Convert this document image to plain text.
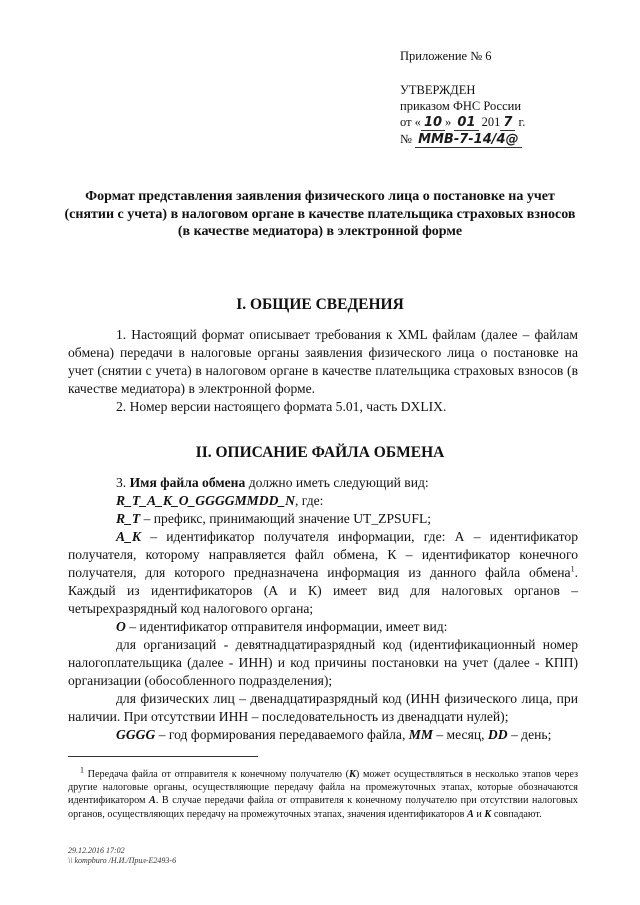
Приложение № 6
УТВЕРЖДЕН
приказом ФНС России
от « 10 » 01 201 7 г.
№ ММВ-7-14/4@
Формат представления заявления физического лица о постановке на учет (снятии с учета) в налоговом органе в качестве плательщика страховых взносов (в качестве медиатора) в электронной форме
I. ОБЩИЕ СВЕДЕНИЯ

1. Настоящий формат описывает требования к XML файлам (далее – файлам обмена) передачи в налоговые органы заявления физического лица о постановке на учет (снятии с учета) в налоговом органе в качестве плательщика страховых взносов (в качестве медиатора) в электронной форме.

2. Номер версии настоящего формата 5.01, часть DXLIX.

II. ОПИСАНИЕ ФАЙЛА ОБМЕНА

3. Имя файла обмена должно иметь следующий вид:

R_T_A_K_O_GGGGMMDD_N, где:

R_T – префикс, принимающий значение UT_ZPSUFL;

A_K – идентификатор получателя информации, где: А – идентификатор получателя, которому направляется файл обмена, К – идентификатор конечного получателя, для которого предназначена информация из данного файла обмена$^1$. Каждый из идентификаторов (А и К) имеет вид для налоговых органов – четырехразрядный код налогового органа;

O – идентификатор отправителя информации, имеет вид:

для организаций - девятнадцатиразрядный код (идентификационный номер налогоплательщика (далее - ИНН) и код причины постановки на учет (далее - КПП) организации (обособленного подразделения);

для физических лиц – двенадцатиразрядный код (ИНН физического лица, при наличии. При отсутствии ИНН – последовательность из двенадцати нулей);

GGGG – год формирования передаваемого файла, MM – месяц, DD – день;

$^1$ Передача файла от отправителя к конечному получателю (К) может осуществляться в несколько этапов через другие налоговые органы, осуществляющие передачу файла на промежуточных этапах, которые обозначаются идентификатором А. В случае передачи файла от отправителя к конечному получателю при отсутствии налоговых органов, осуществляющих передачу на промежуточных этапах, значения идентификаторов А и К совпадают.

29.12.2016 17:02
\\ kompburo /Н.И./Прил-Е2493-6
